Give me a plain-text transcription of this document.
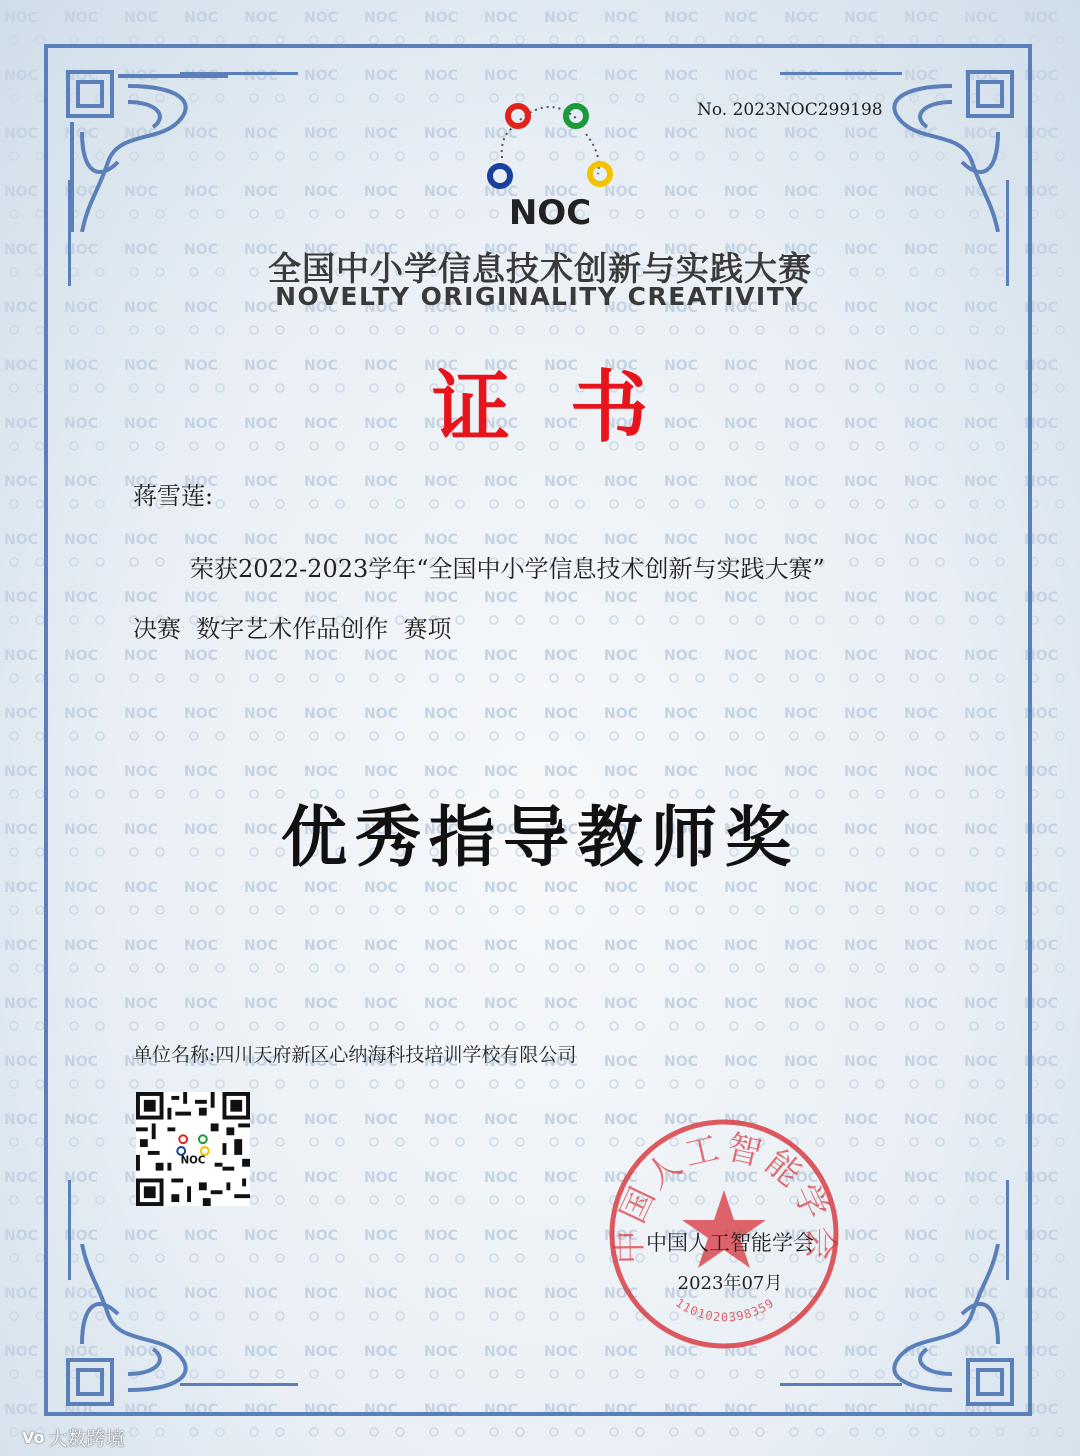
No. 2023NOC299198
NOC
全国中小学信息技术创新与实践大赛
NOVELTY ORIGINALITY CREATIVITY
证书
蒋雪莲:
荣获2022-2023学年“全国中小学信息技术创新与实践大赛”
决赛  数字艺术作品创作  赛项
优秀指导教师奖
单位名称:四川天府新区心纳海科技培训学校有限公司
NOC
中国人工智能学会
1101020398359
中国人工智能学会
2023年07月
Vo 大数跨境
